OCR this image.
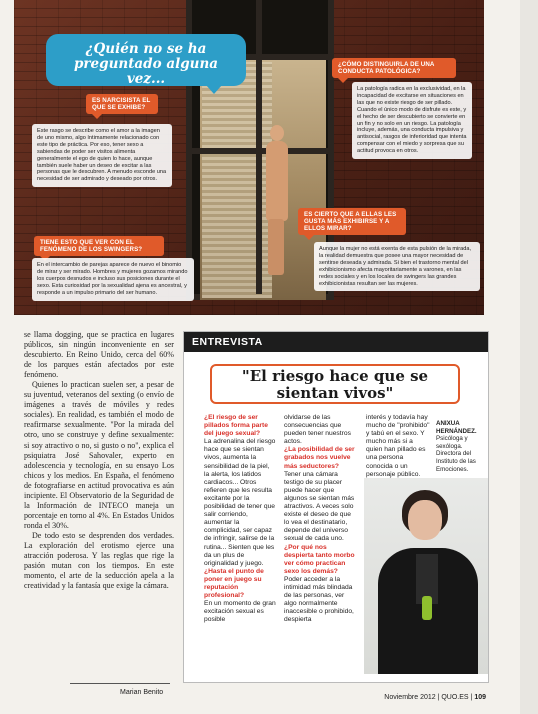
¿Quién no se ha preguntado alguna vez...
ES NARCISISTA EL QUE SE EXHIBE?
Este rasgo se describe como el amor a la imagen de uno mismo, algo íntimamente relacionado con este tipo de práctica. Por eso, tener sexo a sabiendas de poder ser visitos alimenta generalmente el ego de quien lo hace, aunque también suele haber un deseo de excitar a las personas que le descubren. A menudo esconde una necesidad de ser admirado y deseado por otros.
¿CÓMO DISTINGUIRLA DE UNA CONDUCTA PATOLÓGICA?
La patología radica en la exclusividad, en la incapacidad de excitarse en situaciones en las que no existe riesgo de ser pillado. Cuando el único modo de disfrute es este, y el hecho de ser descubierto se convierte en un fin y no solo en un riesgo. La patología incluye, además, una conducta impulsiva y antisocial, rasgos de inferioridad que intenta compensar con el miedo y sorpresa que su actitud provoca en otros.
TIENE ESTO QUE VER CON EL FENÓMENO DE LOS SWINGERS?
En el intercambio de parejas aparece de nuevo el binomio de mirar y ser mirado. Hombres y mujeres gozamos mirando los cuerpos desnudos e incluso sus posiciones durante el sexo. Esta curiosidad por la sexualidad ajena es ancestral, y responde a un impulso primario del ser humano.
ES CIERTO QUE A ELLAS LES GUSTA MÁS EXHIBIRSE Y A ELLOS MIRAR?
Aunque la mujer no está exenta de esta pulsión de la mirada, la realidad demuestra que posee una mayor necesidad de sentirse deseada y admirada. Si bien el trastorno mental del exhibicionismo afecta mayoritariamente a varones, en las redes sociales y en los locales de swingers las grandes exhibicionistas resultan ser las mujeres.

se llama dogging, que se practica en lugares públicos, sin ningún inconveniente en ser descubierto. En Reino Unido, cerca del 60% de los parques están afectados por este fenómeno.

Quienes lo practican suelen ser, a pesar de su juventud, veteranos del sexting (o envío de imágenes a través de móviles y redes sociales). En realidad, es también el modo de reafirmarse sexualmente. "Por la mirada del otro, uno se construye y define sexualmente: si soy atractivo o no, si gusto o no", explica el psiquiatra José Sahovaler, experto en adolescencia y tecnología, en su ensayo Los chicos y los medios. En España, el fenómeno de fotografiarse en actitud provocativa es aún incipiente. El Observatorio de la Seguridad de la Información de INTECO maneja un porcentaje en torno al 4%. En Estados Unidos ronda el 30%.

De todo esto se desprenden dos verdades. La exploración del erotismo ejerce una atracción poderosa. Y las reglas que rige la pasión mutan con los tiempos. En este momento, el arte de la seducción apela a la creatividad y la fantasía que exige la cámara.

Marian Benito
ENTREVISTA
"El riesgo hace que se sientan vivos"
¿El riesgo de ser pillados forma parte del juego sexual?
La adrenalina del riesgo hace que se sientan vivos, aumenta la sensibilidad de la piel, la alerta, los latidos cardiacos... Otros refieren que les resulta excitante por la posibilidad de tener que salir corriendo, aumentar la complicidad, ser capaz de infringir, salirse de la rutina... Sienten que les da un plus de originalidad y juego.
¿Hasta el punto de poner en juego su reputación profesional?
En un momento de gran excitación sexual es posible
olvidarse de las consecuencias que pueden tener nuestros actos.
¿La posibilidad de ser grabados nos vuelve más seductores?
Tener una cámara testigo de su placer puede hacer que algunos se sientan más atractivos. A veces solo existe el deseo de que lo vea el destinatario, depende del universo sexual de cada uno.
¿Por qué nos despierta tanto morbo ver cómo practican sexo los demás?
Poder acceder a la intimidad más blindada de las personas, ver algo normalmente inaccesible o prohibido, despierta
interés y todavía hay mucho de "prohibido" y tabú en el sexo. Y mucho más si a quien han pillado es una persona conocida o un personaje público.
ANIXUA HERNÁNDEZ.
Psicóloga y sexóloga. Directora del Instituto de las Emociones.
Noviembre 2012 | QUO.ES | 109
